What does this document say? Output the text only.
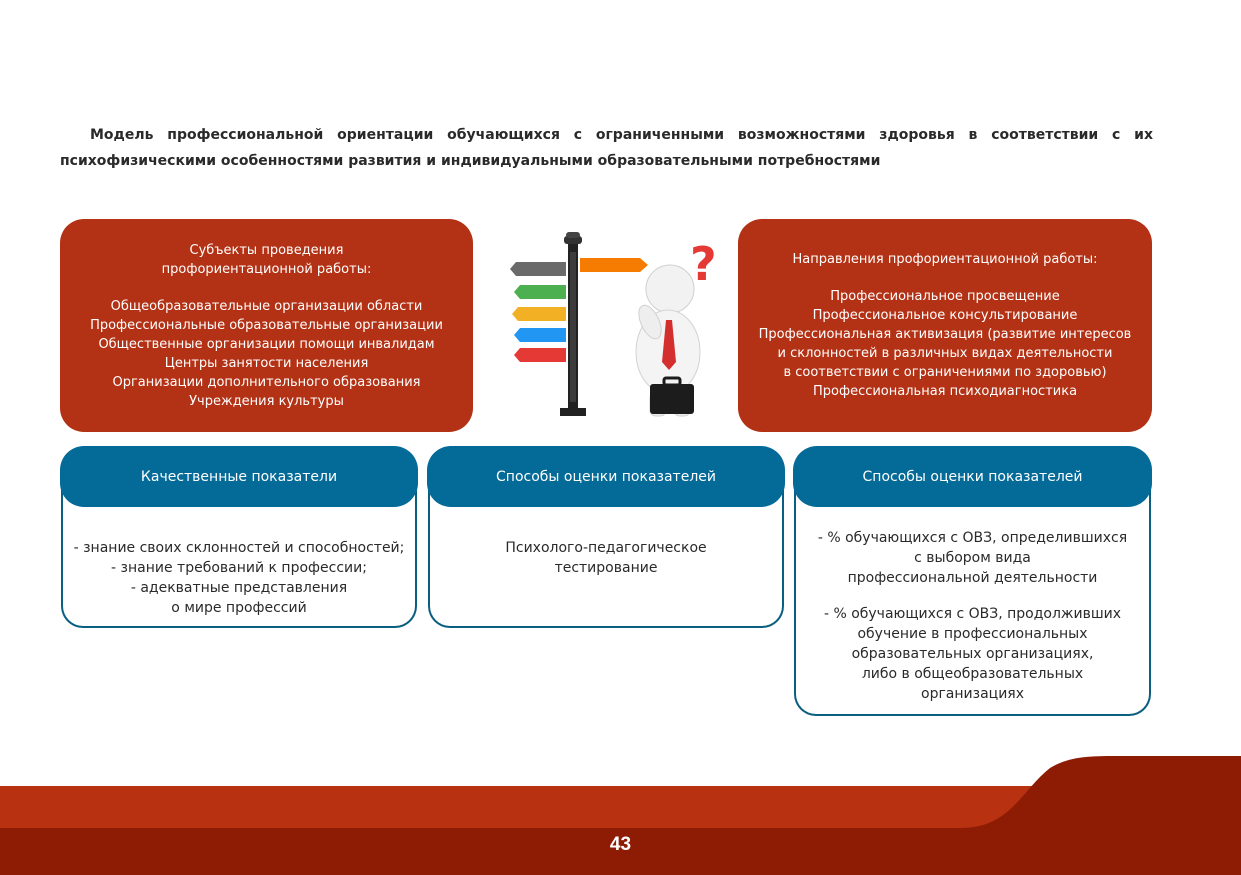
Модель профессиональной ориентации обучающихся с ограниченными возможностями здоровья в соответствии с их психофизическими особенностями развития и индивидуальными образовательными потребностями
Субъекты проведения
профориентационной работы:
Общеобразовательные организации области
Профессиональные образовательные организации
Общественные организации помощи инвалидам
Центры занятости населения
Организации дополнительного образования
Учреждения культуры
?	Направления профориентационной работы:
Профессиональное просвещение
Профессиональное консультирование
Профессиональная активизация (развитие интересов
и склонностей в различных видах деятельности
в соответствии с ограничениями по здоровью)
Профессиональная психодиагностика
Качественные показатели
- знание своих склонностей и способностей;
- знание требований к профессии;
- адекватные представления
о мире профессий
Способы оценки показателей
Психолого-педагогическое
тестирование
Способы оценки показателей
- % обучающихся с ОВЗ, определившихся
с выбором вида
профессиональной деятельности
- % обучающихся с ОВЗ, продолживших
обучение в профессиональных
образовательных организациях,
либо в общеобразовательных
организациях
43
